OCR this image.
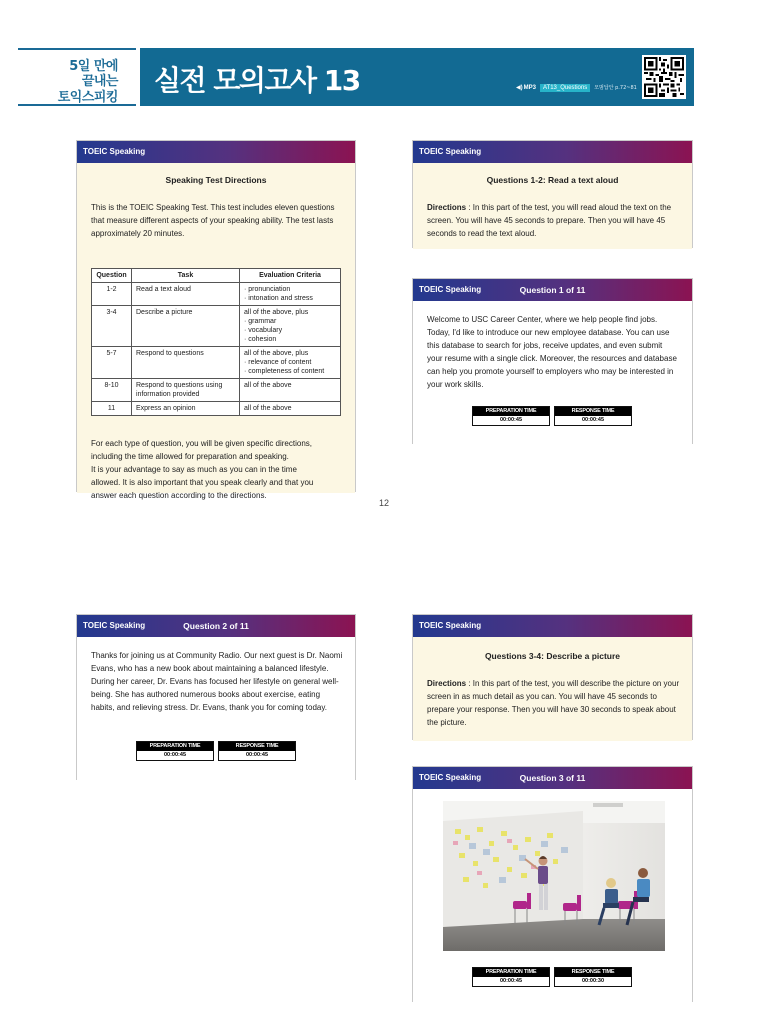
5일 만에
끝내는
토익스피킹
실전 모의고사 13	◀) MP3	AT13_Questions	모범답안 p.72~81
TOEIC Speaking
Speaking Test Directions
This is the TOEIC Speaking Test. This test includes eleven questions that measure different aspects of your speaking ability. The test lasts approximately 20 minutes.
Question	Task	Evaluation Criteria
1-2	Read a text aloud	· pronunciation
· intonation and stress

3-4	Describe a picture	all of the above, plus
· grammar
· vocabulary
· cohesion

5-7	Respond to questions	all of the above, plus
· relevance of content
· completeness of content

8-10	Respond to questions using information provided	all of the above

11	Express an opinion	all of the above
For each type of question, you will be given specific directions,
including the time allowed for preparation and speaking.
It is your advantage to say as much as you can in the time
allowed. It is also important that you speak clearly and that you
answer each question according to the directions.
TOEIC Speaking
Questions 1-2: Read a text aloud
Directions : In this part of the test, you will read aloud the text on the screen. You will have 45 seconds to prepare. Then you will have 45 seconds to read the text aloud.
TOEIC Speaking	Question 1 of 11
Welcome to USC Career Center, where we help people find jobs. Today, I'd like to introduce our new employee database. You can use this database to search for jobs, receive updates, and even submit your resume with a single click. Moreover, the resources and database can help you promote yourself to employers who may be interested in your work skills.
PREPARATION TIME
00:00:45
RESPONSE TIME
00:00:45
12
TOEIC Speaking	Question 2 of 11
Thanks for joining us at Community Radio. Our next guest is Dr. Naomi Evans, who has a new book about maintaining a balanced lifestyle. During her career, Dr. Evans has focused her lifestyle on general well-being. She has authored numerous books about exercise, eating habits, and relieving stress. Dr. Evans, thank you for coming today.
PREPARATION TIME
00:00:45
RESPONSE TIME
00:00:45
TOEIC Speaking
Questions 3-4: Describe a picture
Directions : In this part of the test, you will describe the picture on your screen in as much detail as you can. You will have 45 seconds to prepare your response. Then you will have 30 seconds to speak about the picture.
TOEIC Speaking	Question 3 of 11
PREPARATION TIME
00:00:45
RESPONSE TIME
00:00:30
